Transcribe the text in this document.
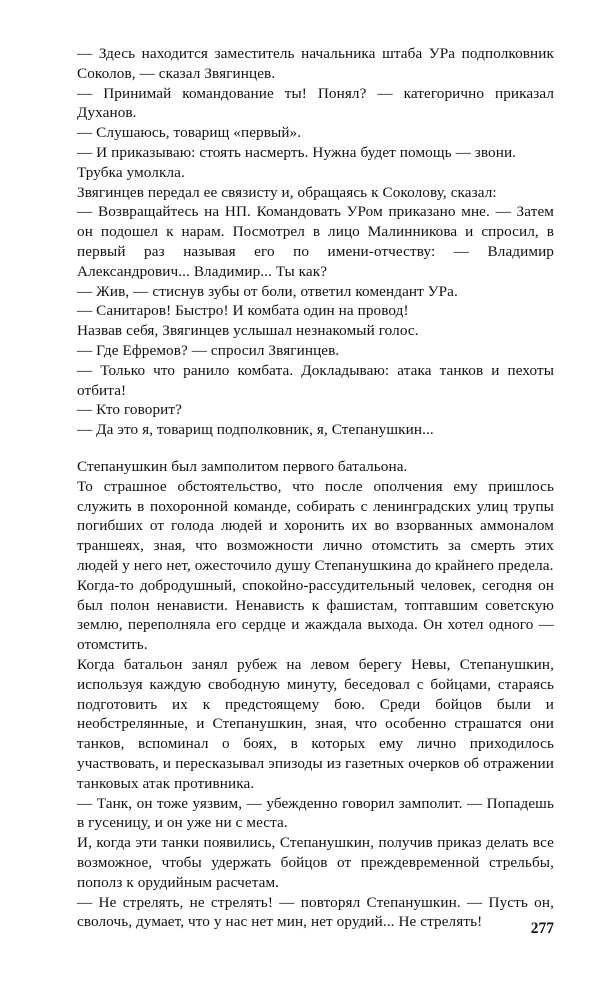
— Здесь находится заместитель начальника штаба УРа подполковник Соколов, — сказал Звягинцев.

— Принимай командование ты! Понял? — категорично приказал Духанов.

— Слушаюсь, товарищ «первый».

— И приказываю: стоять насмерть. Нужна будет помощь — звони.

Трубка умолкла.

Звягинцев передал ее связисту и, обращаясь к Соколову, сказал:

— Возвращайтесь на НП. Командовать УРом приказано мне. — Затем он подошел к нарам. Посмотрел в лицо Малинникова и спросил, в первый раз называя его по имени-отчеству: — Владимир Александрович... Владимир... Ты как?

— Жив, — стиснув зубы от боли, ответил комендант УРа.

— Санитаров! Быстро! И комбата один на провод!

Назвав себя, Звягинцев услышал незнакомый голос.

— Где Ефремов? — спросил Звягинцев.

— Только что ранило комбата. Докладываю: атака танков и пехоты отбита!

— Кто говорит?

— Да это я, товарищ подполковник, я, Степанушкин...

Степанушкин был замполитом первого батальона.

То страшное обстоятельство, что после ополчения ему пришлось служить в похоронной команде, собирать с ленинградских улиц трупы погибших от голода людей и хоронить их во взорванных аммоналом траншеях, зная, что возможности лично отомстить за смерть этих людей у него нет, ожесточило душу Степанушкина до крайнего предела.

Когда-то добродушный, спокойно-рассудительный человек, сегодня он был полон ненависти. Ненависть к фашистам, топтавшим советскую землю, переполняла его сердце и жаждала выхода. Он хотел одного — отомстить.

Когда батальон занял рубеж на левом берегу Невы, Степанушкин, используя каждую свободную минуту, беседовал с бойцами, стараясь подготовить их к предстоящему бою. Среди бойцов были и необстрелянные, и Степанушкин, зная, что особенно страшатся они танков, вспоминал о боях, в которых ему лично приходилось участвовать, и пересказывал эпизоды из газетных очерков об отражении танковых атак противника.

— Танк, он тоже уязвим, — убежденно говорил замполит. — Попадешь в гусеницу, и он уже ни с места.

И, когда эти танки появились, Степанушкин, получив приказ делать все возможное, чтобы удержать бойцов от преждевременной стрельбы, пополз к орудийным расчетам.

— Не стрелять, не стрелять! — повторял Степанушкин. — Пусть он, сволочь, думает, что у нас нет мин, нет орудий... Не стрелять!	277
